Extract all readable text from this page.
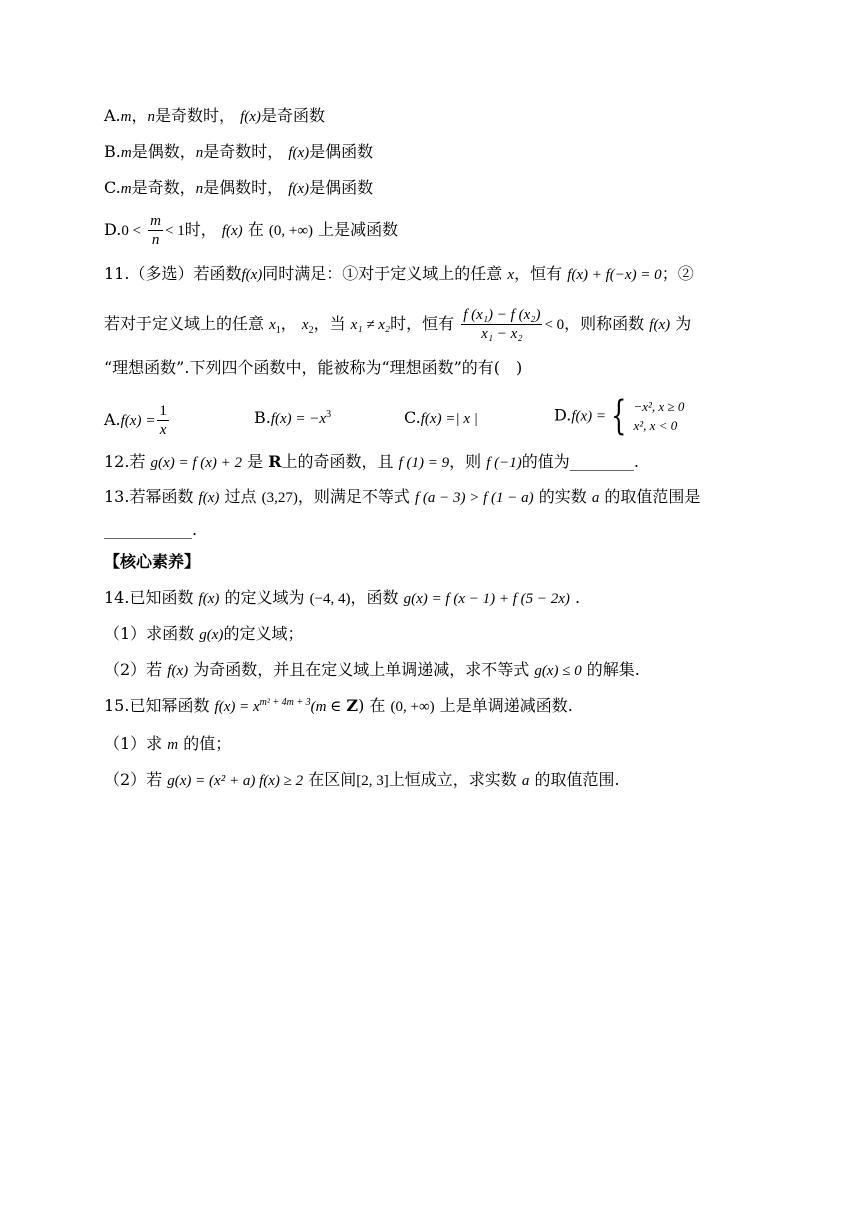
A.m，n是奇数时， f(x)是奇函数
B.m是偶数，n是奇数时， f(x)是偶函数
C.m是奇数，n是偶数时， f(x)是偶函数
$D.0 < \frac{m}{n} < 1$时， f(x) 在 (0, +∞) 上是减函数
11.（多选）若函数f(x)同时满足：①对于定义域上的任意 x，恒有 f(x) + f(−x) = 0；②
若对于定义域上的任意 $x_1$， $x_2$，当 x₁ ≠ x₂时，恒有 $\frac{\text{f (x₁) − f (x₂)}}{\text{x₁ − x₂}} < 0$，则称函数 f(x) 为
“理想函数”.下列四个函数中，能被称为“理想函数”的有(　)
$A.f(x) = \frac{1}{x}$	$B.f(x) = -x^3$	C.f(x) =| x |	D.f(x) = { −x², x ≥ 0
x², x < 0
12.若 g(x) = f (x) + 2 是 R上的奇函数，且 f (1) = 9，则 f (−1)的值为________.
13.若幂函数 f(x) 过点 (3,27)，则满足不等式 f (a − 3) > f (1 − a) 的实数 a 的取值范围是
___________.
【核心素养】
14.已知函数 f(x) 的定义域为 (−4, 4)，函数 g(x) = f (x − 1) + f (5 − 2x) .
（1）求函数 g(x)的定义域；
（2）若 f(x) 为奇函数，并且在定义域上单调递减，求不等式 g(x) ≤ 0 的解集.
15.已知幂函数 $f(x) = x^{m^2 + 4m + 3}(m$ ∈ Z) 在 (0, +∞) 上是单调递减函数.
（1）求 m 的值；
（2）若 g(x) = (x² + a) f(x) ≥ 2 在区间[2, 3]上恒成立，求实数 a 的取值范围.
